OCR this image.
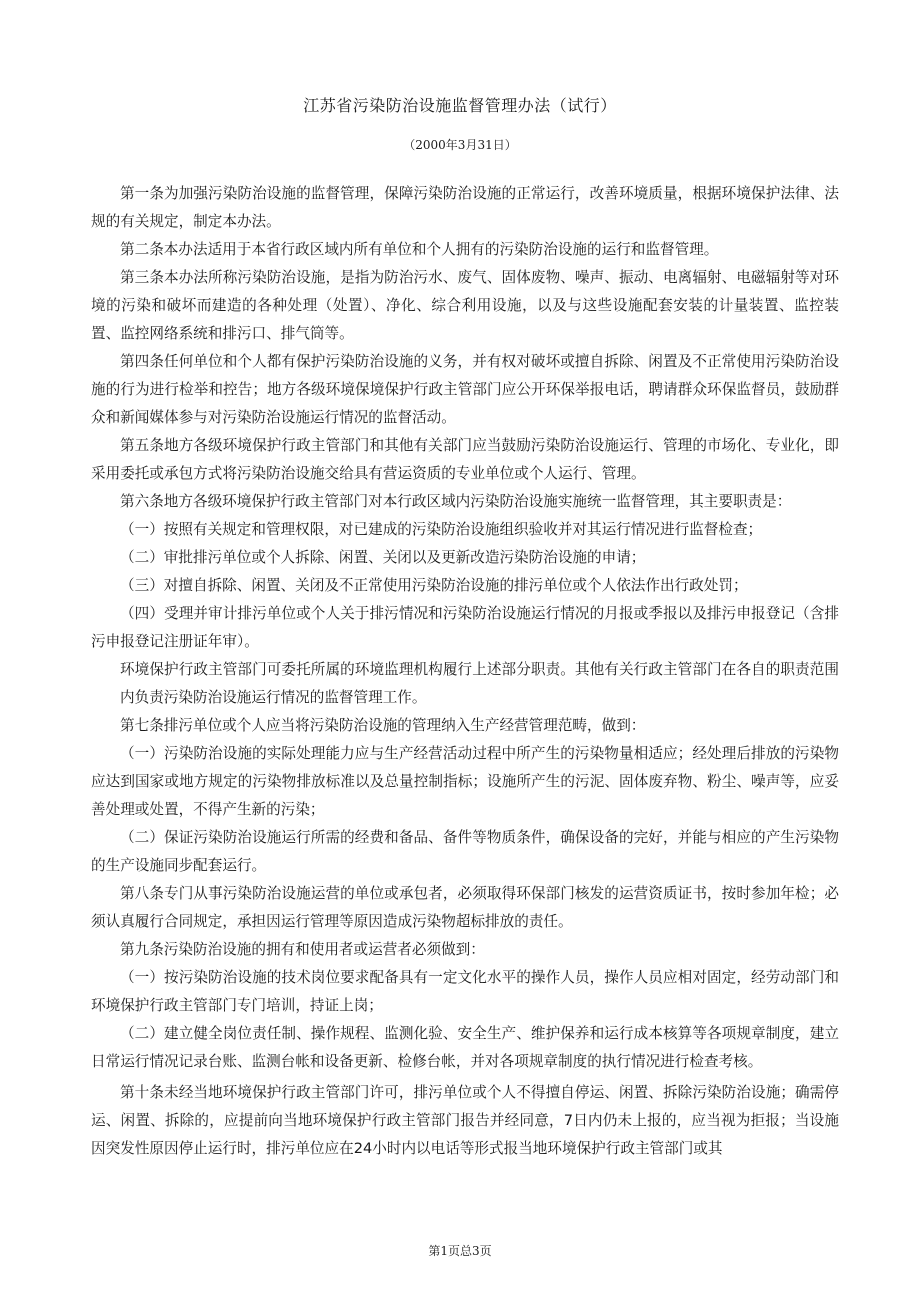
江苏省污染防治设施监督管理办法（试行）
（2000年3月31日）

第一条为加强污染防治设施的监督管理，保障污染防治设施的正常运行，改善环境质量，根据环境保护法律、法规的有关规定，制定本办法。

第二条本办法适用于本省行政区域内所有单位和个人拥有的污染防治设施的运行和监督管理。

第三条本办法所称污染防治设施，是指为防治污水、废气、固体废物、噪声、振动、电离辐射、电磁辐射等对环境的污染和破坏而建造的各种处理（处置）、净化、综合利用设施，以及与这些设施配套安装的计量装置、监控装置、监控网络系统和排污口、排气筒等。

第四条任何单位和个人都有保护污染防治设施的义务，并有权对破坏或擅自拆除、闲置及不正常使用污染防治设施的行为进行检举和控告；地方各级环境保境保护行政主管部门应公开环保举报电话，聘请群众环保监督员，鼓励群众和新闻媒体参与对污染防治设施运行情况的监督活动。

第五条地方各级环境保护行政主管部门和其他有关部门应当鼓励污染防治设施运行、管理的市场化、专业化，即采用委托或承包方式将污染防治设施交给具有营运资质的专业单位或个人运行、管理。

第六条地方各级环境保护行政主管部门对本行政区域内污染防治设施实施统一监督管理，其主要职责是：

（一）按照有关规定和管理权限，对已建成的污染防治设施组织验收并对其运行情况进行监督检查；

（二）审批排污单位或个人拆除、闲置、关闭以及更新改造污染防治设施的申请；

（三）对擅自拆除、闲置、关闭及不正常使用污染防治设施的排污单位或个人依法作出行政处罚；

（四）受理并审计排污单位或个人关于排污情况和污染防治设施运行情况的月报或季报以及排污申报登记（含排污申报登记注册证年审）。

环境保护行政主管部门可委托所属的环境监理机构履行上述部分职责。其他有关行政主管部门在各自的职责范围内负责污染防治设施运行情况的监督管理工作。

第七条排污单位或个人应当将污染防治设施的管理纳入生产经营管理范畴，做到：

（一）污染防治设施的实际处理能力应与生产经营活动过程中所产生的污染物量相适应；经处理后排放的污染物应达到国家或地方规定的污染物排放标准以及总量控制指标；设施所产生的污泥、固体废弃物、粉尘、噪声等，应妥善处理或处置，不得产生新的污染；

（二）保证污染防治设施运行所需的经费和备品、备件等物质条件，确保设备的完好，并能与相应的产生污染物的生产设施同步配套运行。

第八条专门从事污染防治设施运营的单位或承包者，必须取得环保部门核发的运营资质证书，按时参加年检；必须认真履行合同规定，承担因运行管理等原因造成污染物超标排放的责任。

第九条污染防治设施的拥有和使用者或运营者必须做到：

（一）按污染防治设施的技术岗位要求配备具有一定文化水平的操作人员，操作人员应相对固定，经劳动部门和环境保护行政主管部门专门培训，持证上岗；

（二）建立健全岗位责任制、操作规程、监测化验、安全生产、维护保养和运行成本核算等各项规章制度，建立日常运行情况记录台账、监测台帐和设备更新、检修台帐，并对各项规章制度的执行情况进行检查考核。

第十条未经当地环境保护行政主管部门许可，排污单位或个人不得擅自停运、闲置、拆除污染防治设施；确需停运、闲置、拆除的，应提前向当地环境保护行政主管部门报告并经同意，7日内仍未上报的，应当视为拒报；当设施因突发性原因停止运行时，排污单位应在24小时内以电话等形式报当地环境保护行政主管部门或其

第1页总3页
